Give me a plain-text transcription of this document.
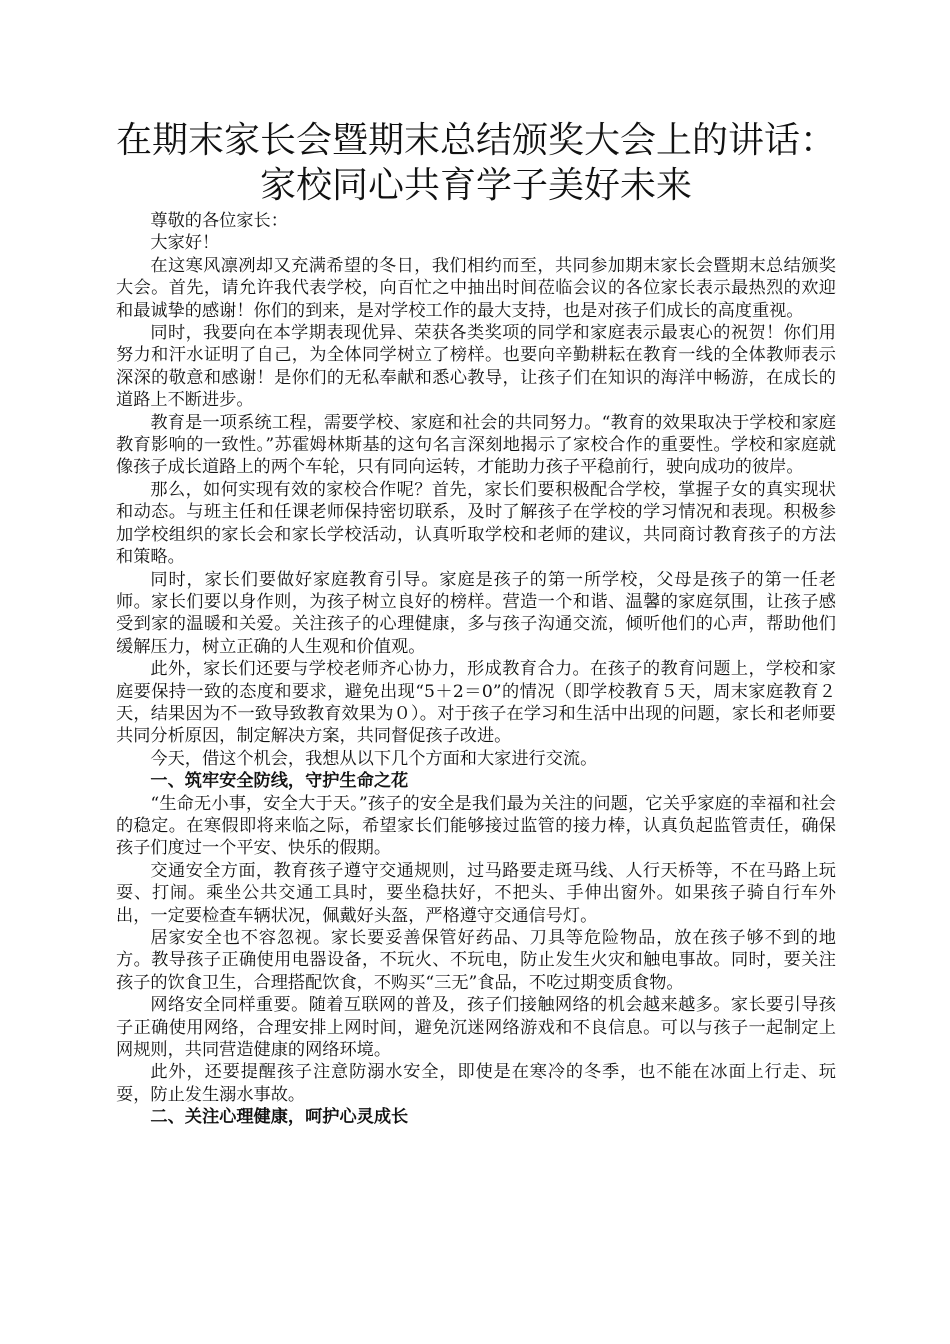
在期末家长会暨期末总结颁奖大会上的讲话：
家校同心共育学子美好未来

尊敬的各位家长：

大家好！

在这寒风凛冽却又充满希望的冬日，我们相约而至，共同参加期末家长会暨期末总结颁奖大会。首先，请允许我代表学校，向百忙之中抽出时间莅临会议的各位家长表示最热烈的欢迎和最诚挚的感谢！你们的到来，是对学校工作的最大支持，也是对孩子们成长的高度重视。

同时，我要向在本学期表现优异、荣获各类奖项的同学和家庭表示最衷心的祝贺！你们用努力和汗水证明了自己，为全体同学树立了榜样。也要向辛勤耕耘在教育一线的全体教师表示深深的敬意和感谢！是你们的无私奉献和悉心教导，让孩子们在知识的海洋中畅游，在成长的道路上不断进步。

教育是一项系统工程，需要学校、家庭和社会的共同努力。“教育的效果取决于学校和家庭教育影响的一致性。”苏霍姆林斯基的这句名言深刻地揭示了家校合作的重要性。学校和家庭就像孩子成长道路上的两个车轮，只有同向运转，才能助力孩子平稳前行，驶向成功的彼岸。

那么，如何实现有效的家校合作呢？首先，家长们要积极配合学校，掌握子女的真实现状和动态。与班主任和任课老师保持密切联系，及时了解孩子在学校的学习情况和表现。积极参加学校组织的家长会和家长学校活动，认真听取学校和老师的建议，共同商讨教育孩子的方法和策略。

同时，家长们要做好家庭教育引导。家庭是孩子的第一所学校，父母是孩子的第一任老师。家长们要以身作则，为孩子树立良好的榜样。营造一个和谐、温馨的家庭氛围，让孩子感受到家的温暖和关爱。关注孩子的心理健康，多与孩子沟通交流，倾听他们的心声，帮助他们缓解压力，树立正确的人生观和价值观。

此外，家长们还要与学校老师齐心协力，形成教育合力。在孩子的教育问题上，学校和家庭要保持一致的态度和要求，避免出现“5＋2＝0”的情况（即学校教育５天，周末家庭教育２天，结果因为不一致导致教育效果为０）。对于孩子在学习和生活中出现的问题，家长和老师要共同分析原因，制定解决方案，共同督促孩子改进。

今天，借这个机会，我想从以下几个方面和大家进行交流。

一、筑牢安全防线，守护生命之花

“生命无小事，安全大于天。”孩子的安全是我们最为关注的问题，它关乎家庭的幸福和社会的稳定。在寒假即将来临之际，希望家长们能够接过监管的接力棒，认真负起监管责任，确保孩子们度过一个平安、快乐的假期。

交通安全方面，教育孩子遵守交通规则，过马路要走斑马线、人行天桥等，不在马路上玩耍、打闹。乘坐公共交通工具时，要坐稳扶好，不把头、手伸出窗外。如果孩子骑自行车外出，一定要检查车辆状况，佩戴好头盔，严格遵守交通信号灯。

居家安全也不容忽视。家长要妥善保管好药品、刀具等危险物品，放在孩子够不到的地方。教导孩子正确使用电器设备，不玩火、不玩电，防止发生火灾和触电事故。同时，要关注孩子的饮食卫生，合理搭配饮食，不购买“三无”食品，不吃过期变质食物。

网络安全同样重要。随着互联网的普及，孩子们接触网络的机会越来越多。家长要引导孩子正确使用网络，合理安排上网时间，避免沉迷网络游戏和不良信息。可以与孩子一起制定上网规则，共同营造健康的网络环境。

此外，还要提醒孩子注意防溺水安全，即使是在寒冷的冬季，也不能在冰面上行走、玩耍，防止发生溺水事故。

二、关注心理健康，呵护心灵成长
